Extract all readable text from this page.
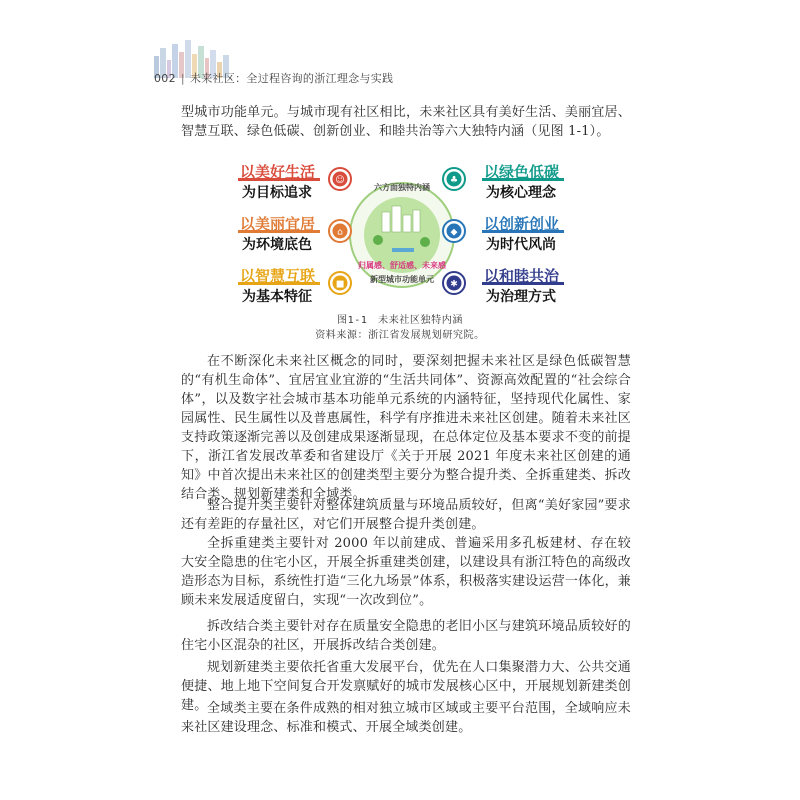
002 | 未来社区：全过程咨询的浙江理念与实践

型城市功能单元。与城市现有社区相比，未来社区具有美好生活、美丽宜居、智慧互联、绿色低碳、创新创业、和睦共治等六大独特内涵（见图 1-1）。

六方面独特内涵
归属感、舒适感、未来感
新型城市功能单元
以美好生活
为目标追求
☺
以美丽宜居
为环境底色
⌂
以智慧互联
为基本特征
■
以绿色低碳
为核心理念
♣
以创新创业
为时代风尚
◆
以和睦共治
为治理方式
✱
图1-1　未来社区独特内涵
资料来源：浙江省发展规划研究院。

在不断深化未来社区概念的同时，要深刻把握未来社区是绿色低碳智慧的“有机生命体”、宜居宜业宜游的“生活共同体”、资源高效配置的“社会综合体”，以及数字社会城市基本功能单元系统的内涵特征，坚持现代化属性、家园属性、民生属性以及普惠属性，科学有序推进未来社区创建。随着未来社区支持政策逐渐完善以及创建成果逐渐显现，在总体定位及基本要求不变的前提下，浙江省发展改革委和省建设厅《关于开展 2021 年度未来社区创建的通知》中首次提出未来社区的创建类型主要分为整合提升类、全拆重建类、拆改结合类、规划新建类和全域类。

整合提升类主要针对整体建筑质量与环境品质较好，但离“美好家园”要求还有差距的存量社区，对它们开展整合提升类创建。

全拆重建类主要针对 2000 年以前建成、普遍采用多孔板建材、存在较大安全隐患的住宅小区，开展全拆重建类创建，以建设具有浙江特色的高级改造形态为目标，系统性打造“三化九场景”体系，积极落实建设运营一体化，兼顾未来发展适度留白，实现“一次改到位”。

拆改结合类主要针对存在质量安全隐患的老旧小区与建筑环境品质较好的住宅小区混杂的社区，开展拆改结合类创建。

规划新建类主要依托省重大发展平台，优先在人口集聚潜力大、公共交通便捷、地上地下空间复合开发禀赋好的城市发展核心区中，开展规划新建类创建。 全域类主要在条件成熟的相对独立城市区域或主要平台范围，全域响应未来社区建设理念、标准和模式、开展全域类创建。
